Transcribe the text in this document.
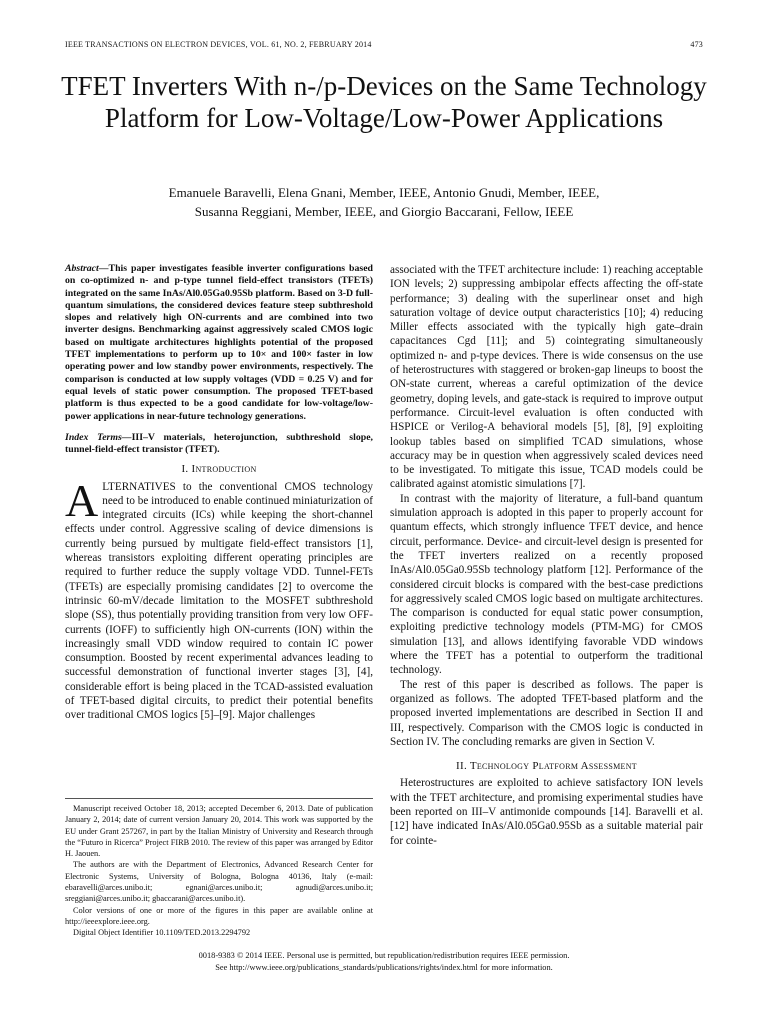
IEEE TRANSACTIONS ON ELECTRON DEVICES, VOL. 61, NO. 2, FEBRUARY 2014	473
TFET Inverters With n-/p-Devices on the Same Technology Platform for Low-Voltage/Low-Power Applications
Emanuele Baravelli, Elena Gnani, Member, IEEE, Antonio Gnudi, Member, IEEE,
Susanna Reggiani, Member, IEEE, and Giorgio Baccarani, Fellow, IEEE
Abstract—This paper investigates feasible inverter configurations based on co-optimized n- and p-type tunnel field-effect transistors (TFETs) integrated on the same InAs/Al0.05Ga0.95Sb platform. Based on 3-D full-quantum simulations, the considered devices feature steep subthreshold slopes and relatively high ON-currents and are combined into two inverter designs. Benchmarking against aggressively scaled CMOS logic based on multigate architectures highlights potential of the proposed TFET implementations to perform up to 10× and 100× faster in low operating power and low standby power environments, respectively. The comparison is conducted at low supply voltages (VDD = 0.25 V) and for equal levels of static power consumption. The proposed TFET-based platform is thus expected to be a good candidate for low-voltage/low-power applications in near-future technology generations.
Index Terms—III–V materials, heterojunction, subthreshold slope, tunnel-field-effect transistor (TFET).
I. Introduction
ALTERNATIVES to the conventional CMOS technology need to be introduced to enable continued miniaturization of integrated circuits (ICs) while keeping the short-channel effects under control. Aggressive scaling of device dimensions is currently being pursued by multigate field-effect transistors [1], whereas transistors exploiting different operating principles are required to further reduce the supply voltage VDD. Tunnel-FETs (TFETs) are especially promising candidates [2] to overcome the intrinsic 60-mV/decade limitation to the MOSFET subthreshold slope (SS), thus potentially providing transition from very low OFF-currents (IOFF) to sufficiently high ON-currents (ION) within the increasingly small VDD window required to contain IC power consumption. Boosted by recent experimental advances leading to successful demonstration of functional inverter stages [3], [4], considerable effort is being placed in the TCAD-assisted evaluation of TFET-based digital circuits, to predict their potential benefits over traditional CMOS logics [5]–[9]. Major challenges

associated with the TFET architecture include: 1) reaching acceptable ION levels; 2) suppressing ambipolar effects affecting the off-state performance; 3) dealing with the superlinear onset and high saturation voltage of device output characteristics [10]; 4) reducing Miller effects associated with the typically high gate–drain capacitances Cgd [11]; and 5) cointegrating simultaneously optimized n- and p-type devices. There is wide consensus on the use of heterostructures with staggered or broken-gap lineups to boost the ON-state current, whereas a careful optimization of the device geometry, doping levels, and gate-stack is required to improve output performance. Circuit-level evaluation is often conducted with HSPICE or Verilog-A behavioral models [5], [8], [9] exploiting lookup tables based on simplified TCAD simulations, whose accuracy may be in question when aggressively scaled devices need to be investigated. To mitigate this issue, TCAD models could be calibrated against atomistic simulations [7].

In contrast with the majority of literature, a full-band quantum simulation approach is adopted in this paper to properly account for quantum effects, which strongly influence TFET device, and hence circuit, performance. Device- and circuit-level design is presented for the TFET inverters realized on a recently proposed InAs/Al0.05Ga0.95Sb technology platform [12]. Performance of the considered circuit blocks is compared with the best-case predictions for aggressively scaled CMOS logic based on multigate architectures. The comparison is conducted for equal static power consumption, exploiting predictive technology models (PTM-MG) for CMOS simulation [13], and allows identifying favorable VDD windows where the TFET has a potential to outperform the traditional technology.

The rest of this paper is described as follows. The paper is organized as follows. The adopted TFET-based platform and the proposed inverted implementations are described in Section II and III, respectively. Comparison with the CMOS logic is conducted in Section IV. The concluding remarks are given in Section V.

II. Technology Platform Assessment

Heterostructures are exploited to achieve satisfactory ION levels with the TFET architecture, and promising experimental studies have been reported on III–V antimonide compounds [14]. Baravelli et al. [12] have indicated InAs/Al0.05Ga0.95Sb as a suitable material pair for cointe-

Manuscript received October 18, 2013; accepted December 6, 2013. Date of publication January 2, 2014; date of current version January 20, 2014. This work was supported by the EU under Grant 257267, in part by the Italian Ministry of University and Research through the “Futuro in Ricerca” Project FIRB 2010. The review of this paper was arranged by Editor H. Jaouen.

The authors are with the Department of Electronics, Advanced Research Center for Electronic Systems, University of Bologna, Bologna 40136, Italy (e-mail: ebaravelli@arces.unibo.it; egnani@arces.unibo.it; agnudi@arces.unibo.it; sreggiani@arces.unibo.it; gbaccarani@arces.unibo.it).

Color versions of one or more of the figures in this paper are available online at http://ieeexplore.ieee.org.

Digital Object Identifier 10.1109/TED.2013.2294792

0018-9383 © 2014 IEEE. Personal use is permitted, but republication/redistribution requires IEEE permission.
See http://www.ieee.org/publications_standards/publications/rights/index.html for more information.
